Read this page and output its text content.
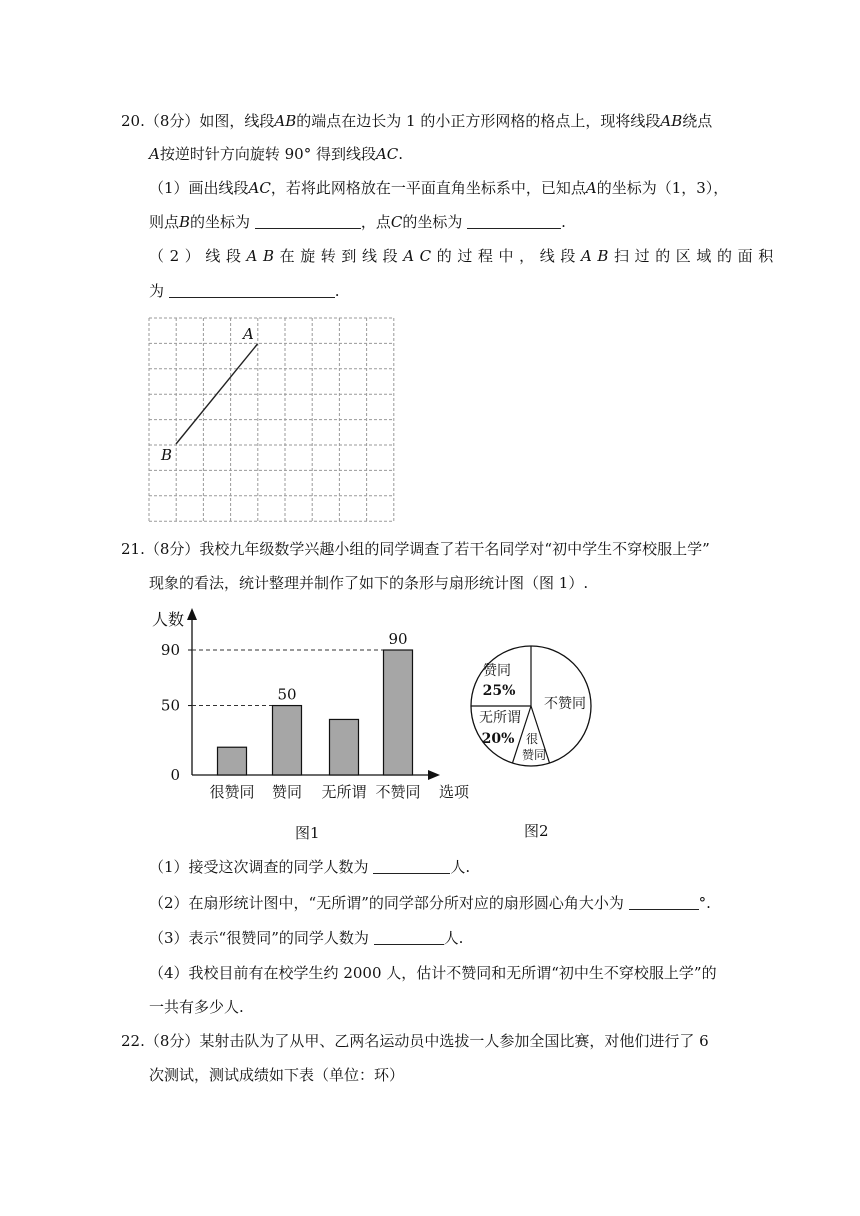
20.（8分）如图，线段AB的端点在边长为 1 的小正方形网格的格点上，现将线段AB绕点
A按逆时针方向旋转 90° 得到线段AC.
（1）画出线段AC，若将此网格放在一平面直角坐标系中，已知点A的坐标为（1，3），
则点B的坐标为	，点C的坐标为	.
（2）线段AB在旋转到线段AC的过程中，线段AB扫过的区域的面积
为	.
A
B
21.（8分）我校九年级数学兴趣小组的同学调查了若干名同学对“初中学生不穿校服上学”
现象的看法，统计整理并制作了如下的条形与扇形统计图（图 1）.
人数
选项
0
50
90
很赞同 赞同
50
无所谓 不赞同
90
图1
赞同
25%
不赞同
很
赞同
无所谓
20%
图2
（1）接受这次调查的同学人数为	人.
（2）在扇形统计图中，“无所谓”的同学部分所对应的扇形圆心角大小为	°.
（3）表示“很赞同”的同学人数为	人.
（4）我校目前有在校学生约 2000 人，估计不赞同和无所谓“初中生不穿校服上学”的
一共有多少人.
22.（8分）某射击队为了从甲、乙两名运动员中选拔一人参加全国比赛，对他们进行了 6
次测试，测试成绩如下表（单位：环）
